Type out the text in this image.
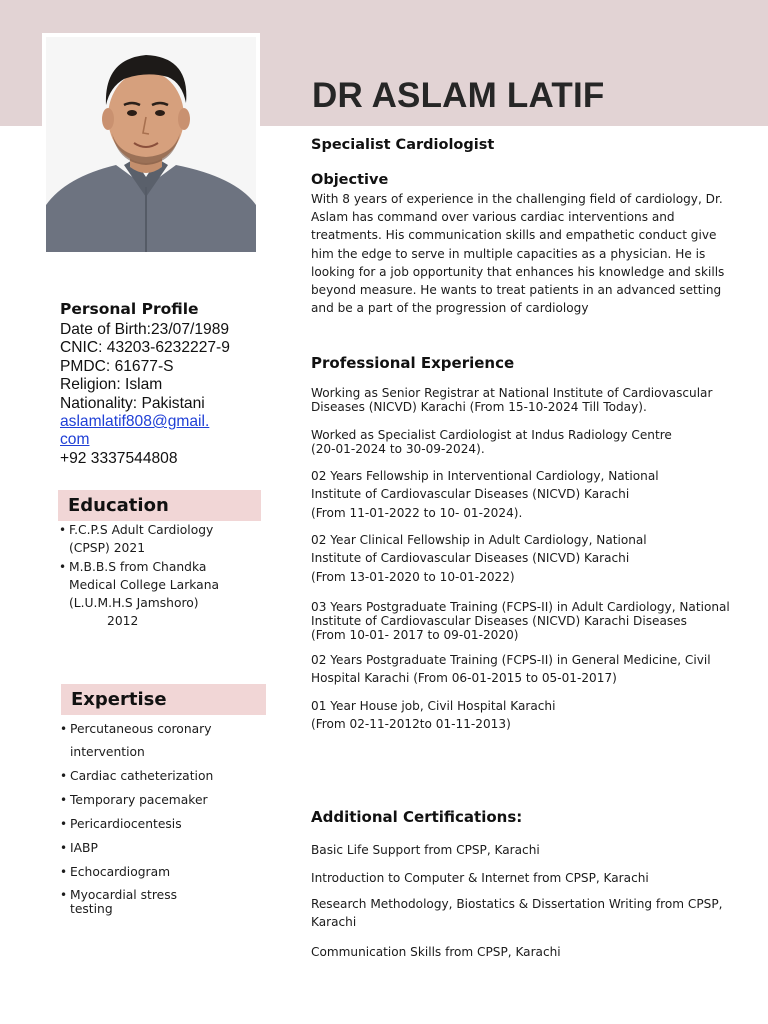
DR ASLAM LATIF
Personal Profile
Date of Birth:23/07/1989
CNIC: 43203-6232227-9
PMDC: 61677-S
Religion: Islam
Nationality: Pakistani
aslamlatif808@gmail.
com
+92 3337544808
Education
• F.C.P.S Adult Cardiology
(CPSP) 2021
• M.B.B.S from Chandka
Medical College Larkana
(L.U.M.H.S Jamshoro)
2012
Expertise
• Percutaneous coronary intervention
• Cardiac catheterization
• Temporary pacemaker
• Pericardiocentesis
• IABP
• Echocardiogram
• Myocardial stress testing
Specialist Cardiologist
Objective
With 8 years of experience in the challenging field of cardiology, Dr.
Aslam has command over various cardiac interventions and
treatments. His communication skills and empathetic conduct give
him the edge to serve in multiple capacities as a physician. He is
looking for a job opportunity that enhances his knowledge and skills
beyond measure. He wants to treat patients in an advanced setting
and be a part of the progression of cardiology
Professional Experience
Working as Senior Registrar at National Institute of Cardiovascular
Diseases (NICVD) Karachi (From 15-10-2024 Till Today).
Worked as Specialist Cardiologist at Indus Radiology Centre
(20-01-2024 to 30-09-2024).
02 Years Fellowship in Interventional Cardiology, National
Institute of Cardiovascular Diseases (NICVD) Karachi
(From 11-01-2022 to 10- 01-2024).
02 Year Clinical Fellowship in Adult Cardiology, National
Institute of Cardiovascular Diseases (NICVD) Karachi
(From 13-01-2020 to 10-01-2022)
03 Years Postgraduate Training (FCPS-II) in Adult Cardiology, National
Institute of Cardiovascular Diseases (NICVD) Karachi Diseases
(From 10-01- 2017 to 09-01-2020)
02 Years Postgraduate Training (FCPS-II) in General Medicine, Civil
Hospital Karachi (From 06-01-2015 to 05-01-2017)
01 Year House job, Civil Hospital Karachi
(From 02-11-2012to 01-11-2013)
Additional Certifications:
Basic Life Support from CPSP, Karachi
Introduction to Computer & Internet from CPSP, Karachi
Research Methodology, Biostatics & Dissertation Writing from CPSP,
Karachi
Communication Skills from CPSP, Karachi
